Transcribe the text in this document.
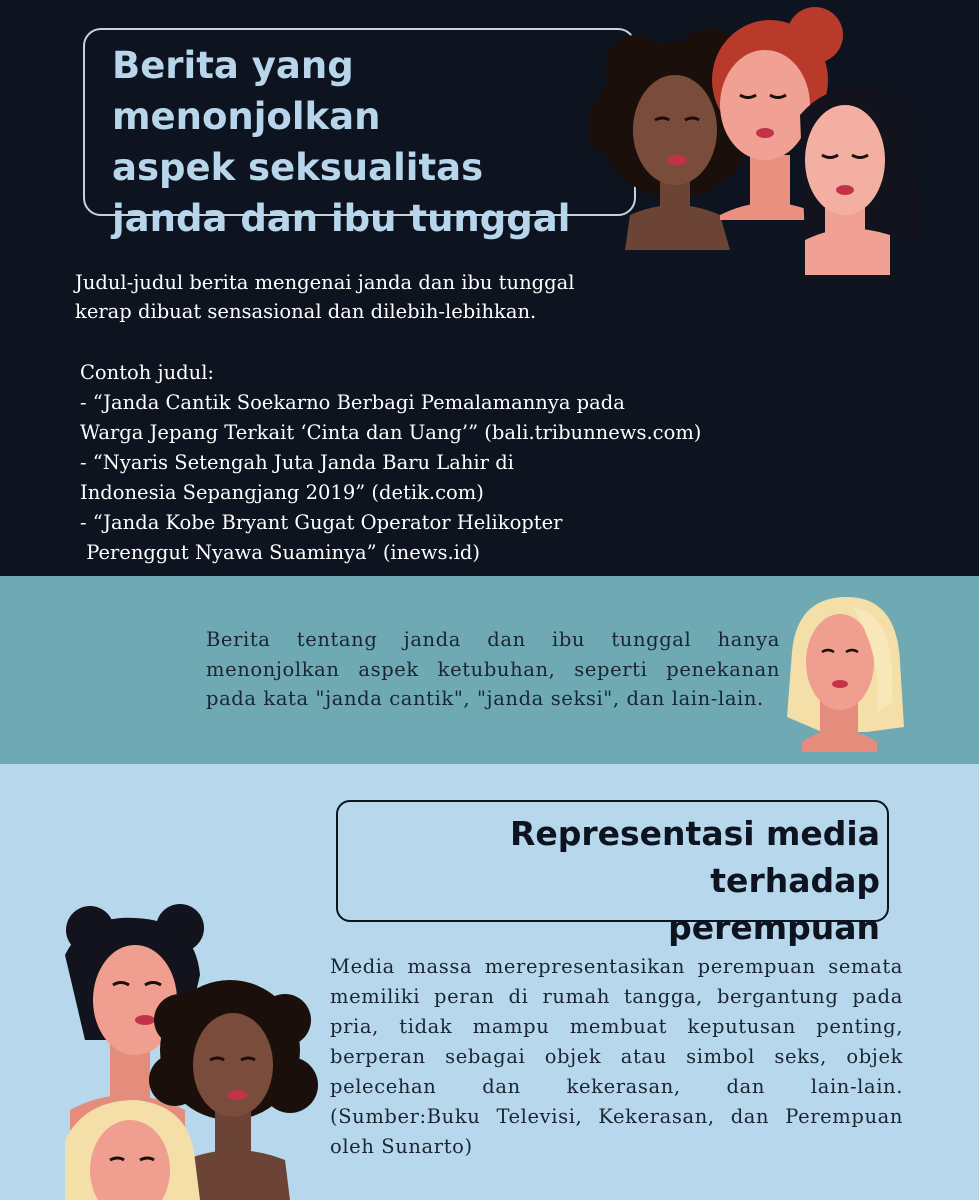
Berita yang menonjolkan
aspek seksualitas
janda dan ibu tunggal
Judul-judul berita mengenai janda dan ibu tunggal
kerap dibuat sensasional dan dilebih-lebihkan.
Contoh judul:
- “Janda Cantik Soekarno Berbagi Pemalamannya pada
Warga Jepang Terkait ‘Cinta dan Uang’” (bali.tribunnews.com)
- “Nyaris Setengah Juta Janda Baru Lahir di
Indonesia Sepangjang 2019” (detik.com)
- “Janda Kobe Bryant Gugat Operator Helikopter
Perenggut Nyawa Suaminya” (inews.id)
Berita tentang janda dan ibu tunggal hanya menonjolkan aspek ketubuhan, seperti penekanan pada kata "janda cantik", "janda seksi", dan lain-lain.
Representasi media terhadap
perempuan
Media massa merepresentasikan perempuan semata memiliki peran di rumah tangga, bergantung pada pria, tidak mampu membuat keputusan penting, berperan sebagai objek atau simbol seks, objek pelecehan dan kekerasan, dan lain-lain. (Sumber:Buku Televisi, Kekerasan, dan Perempuan oleh Sunarto)
